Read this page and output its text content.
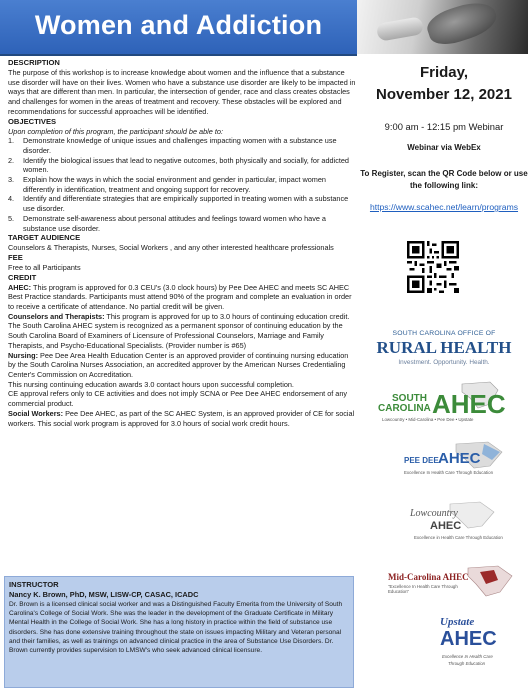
Women and Addiction

DESCRIPTION

The purpose of this workshop is to increase knowledge about women and the influence that a substance use disorder will have on their lives. Women who have a substance use disorder are likely to be impacted in ways that are different than men. In particular, the intersection of gender, race and class creates obstacles and challenges for women in the areas of treatment and recovery. These obstacles will be explored and recommendations for successful approaches will be identified.

OBJECTIVES

Upon completion of this program, the participant should be able to:

1. Demonstrate knowledge of unique issues and challenges impacting women with a substance use disorder.
2. Identify the biological issues that lead to negative outcomes, both physically and socially, for addicted women.
3. Explain how the ways in which the social environment and gender in particular, impact women differently in identification, treatment and ongoing support for recovery.
4. Identify and differentiate strategies that are empirically supported in treating women with a substance use disorder.
5. Demonstrate self-awareness about personal attitudes and feelings toward women who have a substance use disorder.

TARGET AUDIENCE

Counselors & Therapists, Nurses, Social Workers , and any other interested healthcare professionals

FEE

Free to all Participants

CREDIT

AHEC: This program is approved for 0.3 CEU's (3.0 clock hours) by Pee Dee AHEC and meets SC AHEC Best Practice standards. Participants must attend 90% of the program and complete an evaluation in order to receive a certificate of attendance. No partial credit will be given.

Counselors and Therapists: This program is approved for up to 3.0 hours of continuing education credit. The South Carolina AHEC system is recognized as a permanent sponsor of continuing education by the South Carolina Board of Examiners of Licensure of Professional Counselors, Marriage and Family Therapists, and Psycho-Educational Specialists. (Provider number is #65)

Nursing: Pee Dee Area Health Education Center is an approved provider of continuing nursing education by the South Carolina Nurses Association, an accredited approver by the American Nurses Credentialing Center's Commission on Accreditation.

This nursing continuing education awards 3.0 contact hours upon successful completion.

CE approval refers only to CE activities and does not imply SCNA or Pee Dee AHEC endorsement of any commercial product.

Social Workers: Pee Dee AHEC, as part of the SC AHEC System, is an approved provider of CE for social workers. This social work program is approved for 3.0 hours of social work credit hours.

INSTRUCTOR

Nancy K. Brown, PhD, MSW, LISW-CP, CASAC, ICADC
Dr. Brown is a licensed clinical social worker and was a Distinguished Faculty Emerita from the University of South Carolina's College of Social Work. She was the leader in the development of the Graduate Certificate in Military Mental Health in the College of Social Work. She has a long history in practice within the field of substance use disorders. She has done extensive training throughout the state on issues impacting Military and Veteran personal and their families, as well as trainings on advanced clinical practice in the area of Substance Use Disorders. Dr. Brown currently provides supervision to LMSW's who seek advanced clinical licensure.
Friday,
November 12, 2021
9:00 am - 12:15 pm Webinar
Webinar via WebEx
To Register, scan the QR Code below or use the following link:
https://www.scahec.net/learn/programs
SOUTH CAROLINA OFFICE OF
RURAL HEALTH
Investment. Opportunity. Health.
SOUTH
CAROLINA AHEC
Lowcountry • Mid-Carolina • Pee Dee • Upstate
PEE DEE AHEC
Excellence In Health Care Through Education
Lowcountry
AHEC
Excellence in Health Care Through Education
Mid-Carolina AHEC
"Excellence In Health Care Through Education"
Upstate
AHEC
Excellence In Health Care
Through Education
